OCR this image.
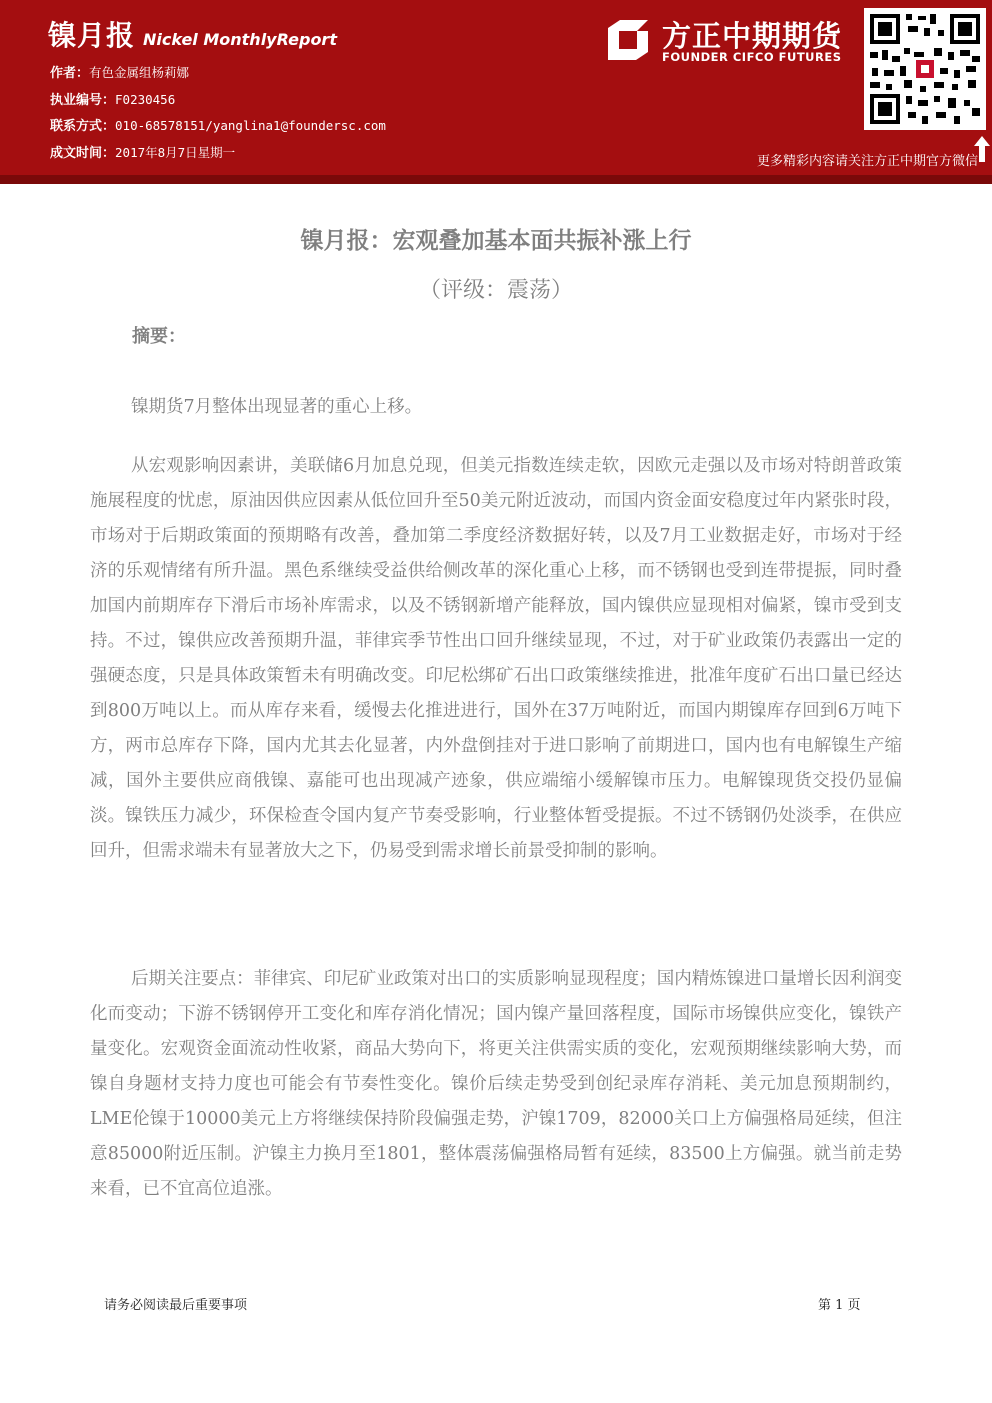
镍月报 Nickel MonthlyReport
作者：有色金属组杨莉娜
执业编号：F0230456
联系方式：010-68578151/yanglina1@foundersc.com
成文时间：2017年8月7日星期一
方正中期期货
FOUNDER CIFCO FUTURES
更多精彩内容请关注方正中期官方微信
镍月报：宏观叠加基本面共振补涨上行
（评级：震荡）
摘要：
镍期货7月整体出现显著的重心上移。
从宏观影响因素讲，美联储6月加息兑现，但美元指数连续走软，因欧元走强以及市场对特朗普政策施展程度的忧虑，原油因供应因素从低位回升至50美元附近波动，而国内资金面安稳度过年内紧张时段，市场对于后期政策面的预期略有改善，叠加第二季度经济数据好转，以及7月工业数据走好，市场对于经济的乐观情绪有所升温。黑色系继续受益供给侧改革的深化重心上移，而不锈钢也受到连带提振，同时叠加国内前期库存下滑后市场补库需求，以及不锈钢新增产能释放，国内镍供应显现相对偏紧，镍市受到支持。不过，镍供应改善预期升温，菲律宾季节性出口回升继续显现，不过，对于矿业政策仍表露出一定的强硬态度，只是具体政策暂未有明确改变。印尼松绑矿石出口政策继续推进，批准年度矿石出口量已经达到800万吨以上。而从库存来看，缓慢去化推进进行，国外在37万吨附近，而国内期镍库存回到6万吨下方，两市总库存下降，国内尤其去化显著，内外盘倒挂对于进口影响了前期进口，国内也有电解镍生产缩减，国外主要供应商俄镍、嘉能可也出现减产迹象，供应端缩小缓解镍市压力。电解镍现货交投仍显偏淡。镍铁压力减少，环保检查令国内复产节奏受影响，行业整体暂受提振。不过不锈钢仍处淡季，在供应回升，但需求端未有显著放大之下，仍易受到需求增长前景受抑制的影响。
后期关注要点：菲律宾、印尼矿业政策对出口的实质影响显现程度；国内精炼镍进口量增长因利润变化而变动；下游不锈钢停开工变化和库存消化情况；国内镍产量回落程度，国际市场镍供应变化，镍铁产量变化。宏观资金面流动性收紧，商品大势向下，将更关注供需实质的变化，宏观预期继续影响大势，而镍自身题材支持力度也可能会有节奏性变化。镍价后续走势受到创纪录库存消耗、美元加息预期制约，LME伦镍于10000美元上方将继续保持阶段偏强走势，沪镍1709，82000关口上方偏强格局延续，但注意85000附近压制。沪镍主力换月至1801，整体震荡偏强格局暂有延续，83500上方偏强。就当前走势来看，已不宜高位追涨。
请务必阅读最后重要事项	第 1 页
